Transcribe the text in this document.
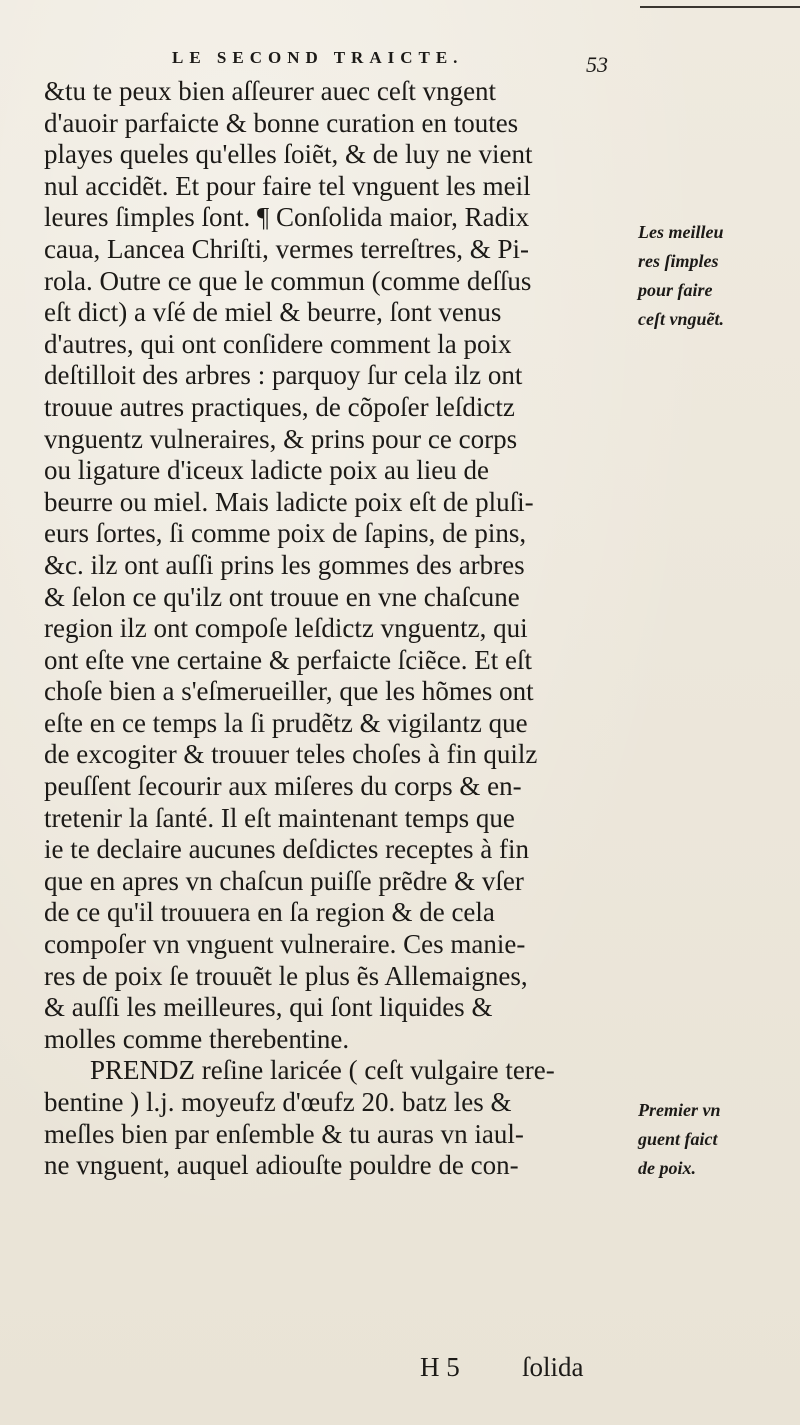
LE SECOND TRAICTE.	53
&tu te peux bien aſſeurer auec ceſt vngent
d'auoir parfaicte & bonne curation en toutes
playes queles qu'elles ſoiẽt, & de luy ne vient
nul accidẽt. Et pour faire tel vnguent les meil
leures ſimples ſont. ¶ Conſolida maior, Radix
caua, Lancea Chriſti, vermes terreſtres, & Pi-
rola. Outre ce que le commun (comme deſſus
eſt dict) a vſé de miel & beurre, ſont venus
d'autres, qui ont conſidere comment la poix
deſtilloit des arbres : parquoy ſur cela ilz ont
trouue autres practiques, de cõpoſer leſdictz
vnguentz vulneraires, & prins pour ce corps
ou ligature d'iceux ladicte poix au lieu de
beurre ou miel. Mais ladicte poix eſt de pluſi-
eurs ſortes, ſi comme poix de ſapins, de pins,
&c. ilz ont auſſi prins les gommes des arbres
& ſelon ce qu'ilz ont trouue en vne chaſcune
region ilz ont compoſe leſdictz vnguentz, qui
ont eſte vne certaine & perfaicte ſciẽce. Et eſt
choſe bien a s'eſmerueiller, que les hõmes ont
eſte en ce temps la ſi prudẽtz & vigilantz que
de excogiter & trouuer teles choſes à fin quilz
peuſſent ſecourir aux miſeres du corps & en-
tretenir la ſanté. Il eſt maintenant temps que
ie te declaire aucunes deſdictes receptes à fin
que en apres vn chaſcun puiſſe prẽdre & vſer
de ce qu'il trouuera en ſa region & de cela
compoſer vn vnguent vulneraire. Ces manie-
res de poix ſe trouuẽt le plus ẽs Allemaignes,
& auſſi les meilleures, qui ſont liquides &
molles comme therebentine.
PRENDZ reſine laricée ( ceſt vulgaire tere-
bentine ) l.j. moyeufz d'œufz 20. batz les &
meſles bien par enſemble & tu auras vn iaul-
ne vnguent, auquel adiouſte pouldre de con-
H 5 ſolida
Les meilleu
res ſimples
pour faire
ceſt vnguẽt.
Premier vn
guent faict
de poix.
